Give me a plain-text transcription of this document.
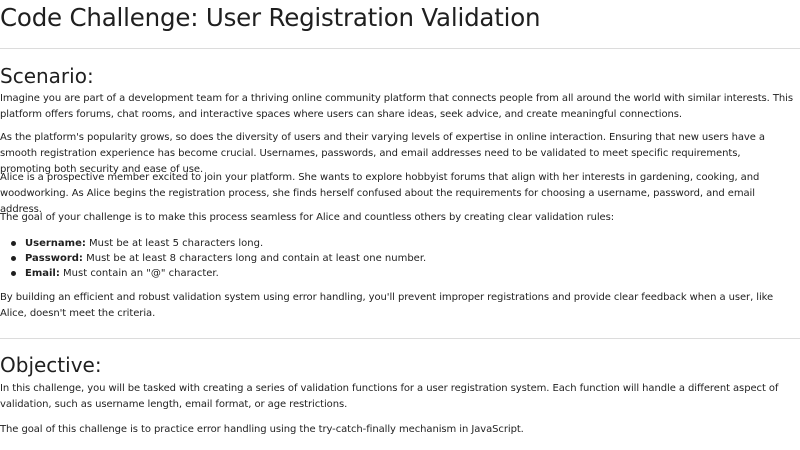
Code Challenge: User Registration Validation
Scenario:

Imagine you are part of a development team for a thriving online community platform that connects people from all around the world with similar interests. This platform offers forums, chat rooms, and interactive spaces where users can share ideas, seek advice, and create meaningful connections.

As the platform's popularity grows, so does the diversity of users and their varying levels of expertise in online interaction. Ensuring that new users have a smooth registration experience has become crucial. Usernames, passwords, and email addresses need to be validated to meet specific requirements, promoting both security and ease of use.

Alice is a prospective member excited to join your platform. She wants to explore hobbyist forums that align with her interests in gardening, cooking, and woodworking. As Alice begins the registration process, she finds herself confused about the requirements for choosing a username, password, and email address.

The goal of your challenge is to make this process seamless for Alice and countless others by creating clear validation rules:

Username: Must be at least 5 characters long.
Password: Must be at least 8 characters long and contain at least one number.
Email: Must contain an "@" character.

By building an efficient and robust validation system using error handling, you'll prevent improper registrations and provide clear feedback when a user, like Alice, doesn't meet the criteria.

Objective:

In this challenge, you will be tasked with creating a series of validation functions for a user registration system. Each function will handle a different aspect of validation, such as username length, email format, or age restrictions.

The goal of this challenge is to practice error handling using the try-catch-finally mechanism in JavaScript.
